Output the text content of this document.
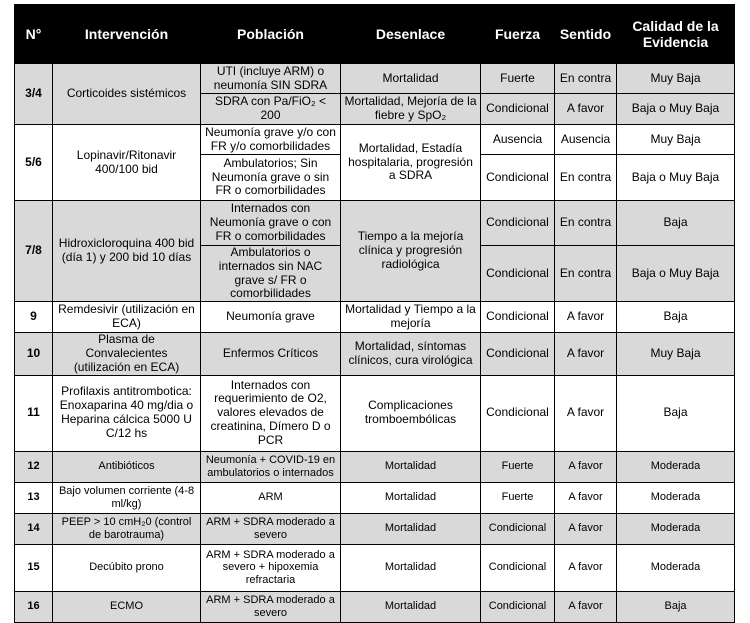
N°	Intervención	Población	Desenlace	Fuerza	Sentido	Calidad de la Evidencia
3/4	Corticoides sistémicos	UTI (incluye ARM) o neumonía SIN SDRA	Mortalidad	Fuerte	En contra	Muy Baja
		SDRA con Pa/FiO₂ < 200	Mortalidad, Mejoría de la fiebre y SpO₂	Condicional	A favor	Baja o Muy Baja
5/6	Lopinavir/Ritonavir 400/100 bid	Neumonía grave y/o con FR y/o comorbilidades	Mortalidad, Estadía hospitalaria, progresión a SDRA	Ausencia	Ausencia	Muy Baja
		Ambulatorios; Sin Neumonía grave o sin FR o comorbilidades		Condicional	En contra	Baja o Muy Baja
7/8	Hidroxicloroquina 400 bid (día 1) y 200 bid 10 días	Internados con Neumonía grave o con FR o comorbilidades	Tiempo a la mejoría clínica y progresión radiológica	Condicional	En contra	Baja
		Ambulatorios o internados sin NAC grave s/ FR o comorbilidades		Condicional	En contra	Baja o Muy Baja
9	Remdesivir (utilización en ECA)	Neumonía grave	Mortalidad y Tiempo a la mejoría	Condicional	A favor	Baja
10	Plasma de Convalecientes (utilización en ECA)	Enfermos Críticos	Mortalidad, síntomas clínicos, cura virológica	Condicional	A favor	Muy Baja
11	Profilaxis antitrombotica: Enoxaparina 40 mg/dia o Heparina cálcica 5000 U C/12 hs	Internados con requerimiento de O2, valores elevados de creatinina, Dímero D o PCR	Complicaciones tromboembólicas	Condicional	A favor	Baja
12	Antibióticos	Neumonía + COVID-19 en ambulatorios o internados	Mortalidad	Fuerte	A favor	Moderada
13	Bajo volumen corriente (4-8 ml/kg)	ARM	Mortalidad	Fuerte	A favor	Moderada
14	PEEP > 10 cmH₂0 (control de barotrauma)	ARM + SDRA moderado a severo	Mortalidad	Condicional	A favor	Moderada
15	Decúbito prono	ARM + SDRA moderado a severo + hipoxemia refractaria	Mortalidad	Condicional	A favor	Moderada
16	ECMO	ARM + SDRA moderado a severo	Mortalidad	Condicional	A favor	Baja
